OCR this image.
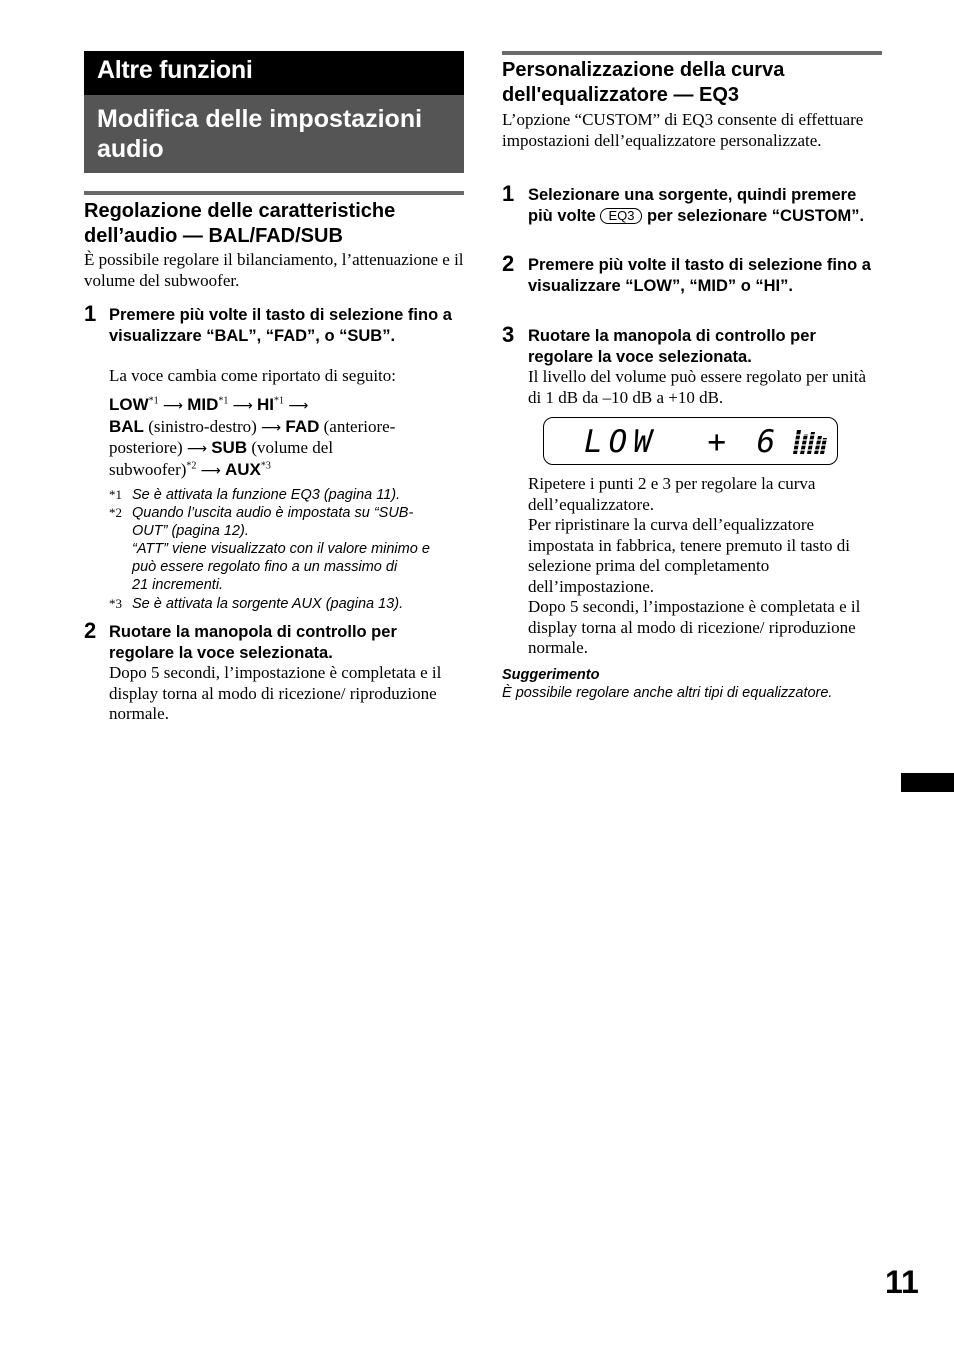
Altre funzioni
Modifica delle impostazioni audio
Regolazione delle caratteristiche dell’audio — BAL/FAD/SUB

È possibile regolare il bilanciamento, l’attenuazione e il volume del subwoofer.

1 Premere più volte il tasto di selezione fino a visualizzare “BAL”, “FAD”, o “SUB”.

La voce cambia come riportato di seguito:

LOW$^{*1}$ ⟶ MID$^{*1}$ ⟶ HI$^{*1}$ ⟶
BAL (sinistro-destro) ⟶ FAD (anteriore-
posteriore) ⟶ SUB (volume del
subwoofer)$^{*2}$ ⟶ AUX$^{*3}$
*1 Se è attivata la funzione EQ3 (pagina 11).
*2 Quando l’uscita audio è impostata su “SUB-
OUT” (pagina 12).
“ATT” viene visualizzato con il valore minimo e
può essere regolato fino a un massimo di
21 incrementi.
*3 Se è attivata la sorgente AUX (pagina 13).
2 Ruotare la manopola di controllo per regolare la voce selezionata.

Dopo 5 secondi, l’impostazione è completata e il display torna al modo di ricezione/ riproduzione normale.

Personalizzazione della curva dell'equalizzatore — EQ3

L’opzione “CUSTOM” di EQ3 consente di effettuare impostazioni dell’equalizzatore personalizzate.

1 Selezionare una sorgente, quindi premere più volte EQ3 per selezionare “CUSTOM”.

2 Premere più volte il tasto di selezione fino a visualizzare “LOW”, “MID” o “HI”.

3 Ruotare la manopola di controllo per regolare la voce selezionata.

Il livello del volume può essere regolato per unità di 1 dB da –10 dB a +10 dB.

LOW  + 6

Ripetere i punti 2 e 3 per regolare la curva dell’equalizzatore.

Per ripristinare la curva dell’equalizzatore impostata in fabbrica, tenere premuto il tasto di selezione prima del completamento dell’impostazione.

Dopo 5 secondi, l’impostazione è completata e il display torna al modo di ricezione/ riproduzione normale.

Suggerimento
È possibile regolare anche altri tipi di equalizzatore.
11
